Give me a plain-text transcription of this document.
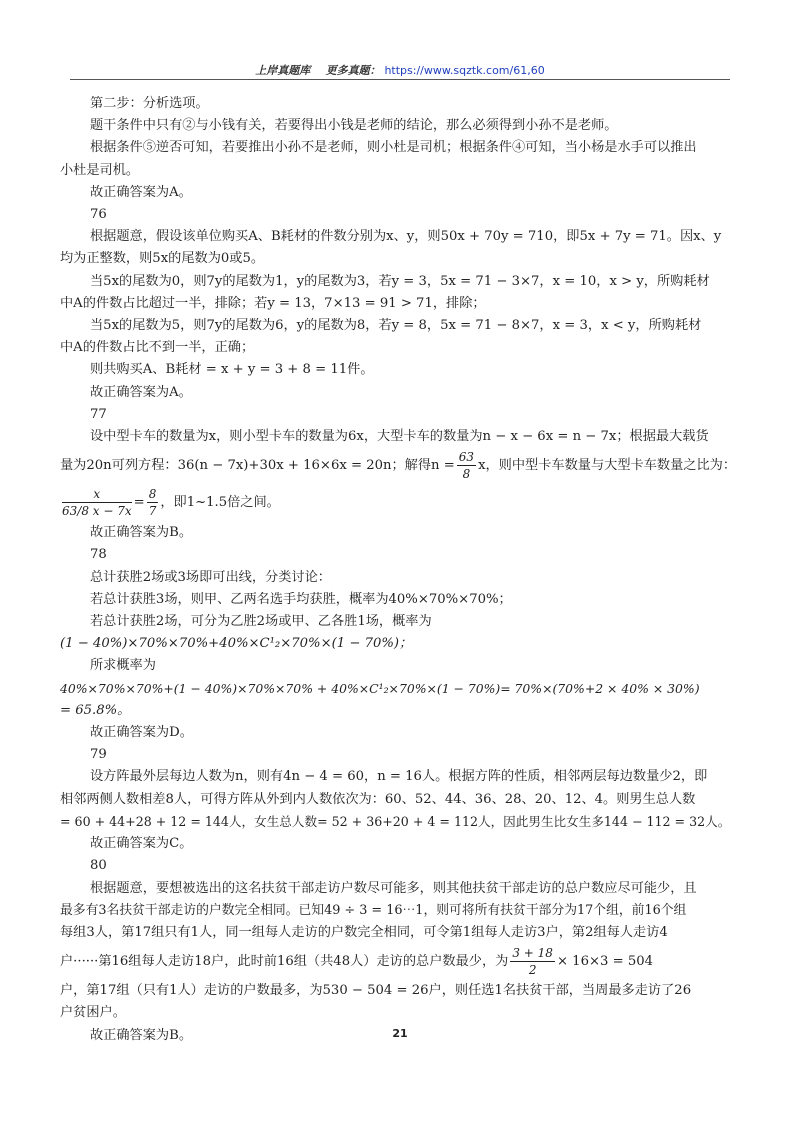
上岸真题库 更多真题： https://www.sqztk.com/61,60

第二步：分析选项。

题干条件中只有②与小钱有关，若要得出小钱是老师的结论，那么必须得到小孙不是老师。

根据条件⑤逆否可知，若要推出小孙不是老师，则小杜是司机；根据条件④可知，当小杨是水手可以推出

小杜是司机。

故正确答案为A。

76

根据题意，假设该单位购买A、B耗材的件数分别为x、y，则50x + 70y = 710，即5x + 7y = 71。因x、y

均为正整数，则5x的尾数为0或5。

当5x的尾数为0，则7y的尾数为1，y的尾数为3，若y = 3，5x = 71 − 3×7，x = 10，x > y，所购耗材

中A的件数占比超过一半，排除；若y = 13，7×13 = 91 > 71，排除；

当5x的尾数为5，则7y的尾数为6，y的尾数为8，若y = 8，5x = 71 − 8×7，x = 3，x < y，所购耗材

中A的件数占比不到一半，正确；

则共购买A、B耗材 = x + y = 3 + 8 = 11件。

故正确答案为A。

77

设中型卡车的数量为x，则小型卡车的数量为6x，大型卡车的数量为n − x − 6x = n − 7x；根据最大载货

量为20n可列方程：36(n − 7x)+30x + 16×6x = 20n；解得$n = \frac{63}{8}$ x，则中型卡车数量与大型卡车数量之比为：

$\frac{x}{63/8 x - 7x} = \frac{8}{7}$ ，即1~1.5倍之间。

故正确答案为B。

78

总计获胜2场或3场即可出线，分类讨论：

若总计获胜3场，则甲、乙两名选手均获胜，概率为40%×70%×70%；

若总计获胜2场，可分为乙胜2场或甲、乙各胜1场，概率为

(1 − 40%)×70%×70%+40%×C¹₂×70%×(1 − 70%)；

所求概率为

40%×70%×70%+(1 − 40%)×70%×70% + 40%×C¹₂×70%×(1 − 70%)= 70%×(70%+2 × 40% × 30%)

= 65.8%。

故正确答案为D。

79

设方阵最外层每边人数为n，则有4n − 4 = 60，n = 16人。根据方阵的性质，相邻两层每边数量少2，即

相邻两侧人数相差8人，可得方阵从外到内人数依次为：60、52、44、36、28、20、12、4。则男生总人数

= 60 + 44+28 + 12 = 144人，女生总人数= 52 + 36+20 + 4 = 112人，因此男生比女生多144 − 112 = 32人。

故正确答案为C。

80

根据题意，要想被选出的这名扶贫干部走访户数尽可能多，则其他扶贫干部走访的总户数应尽可能少，且

最多有3名扶贫干部走访的户数完全相同。已知49 ÷ 3 = 16⋯1，则可将所有扶贫干部分为17个组，前16个组

每组3人，第17组只有1人，同一组每人走访的户数完全相同，可令第1组每人走访3户，第2组每人走访4

户······第16组每人走访18户，此时前16组（共48人）走访的总户数最少，为 $\frac{3 + 18}{2} \times 16\times 3 = 504$

户，第17组（只有1人）走访的户数最多，为530 − 504 = 26户，则任选1名扶贫干部，当周最多走访了26

户贫困户。

故正确答案为B。	21
